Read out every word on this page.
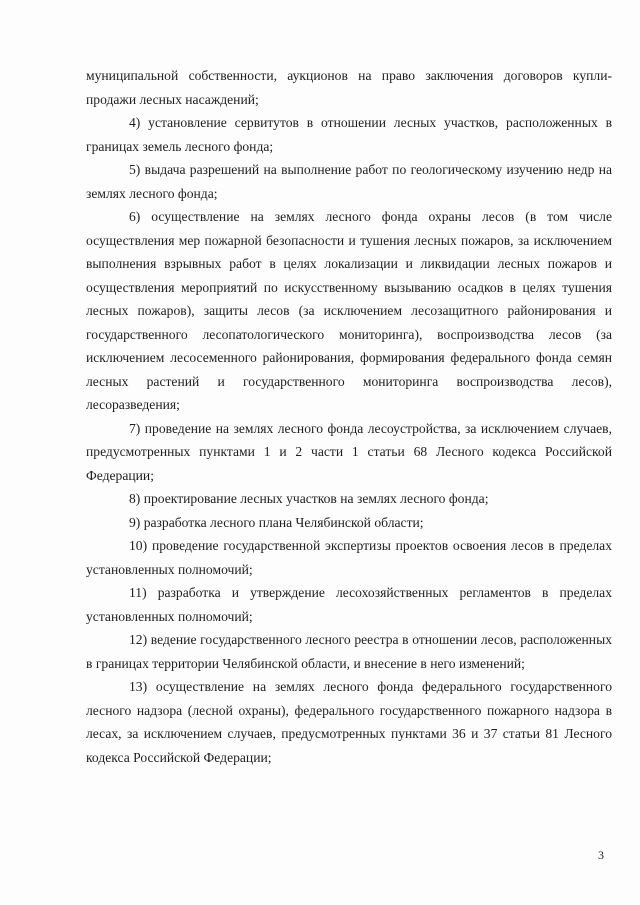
муниципальной собственности, аукционов на право заключения договоров купли-продажи лесных насаждений;

4) установление сервитутов в отношении лесных участков, расположенных в границах земель лесного фонда;

5) выдача разрешений на выполнение работ по геологическому изучению недр на землях лесного фонда;

6) осуществление на землях лесного фонда охраны лесов (в том числе осуществления мер пожарной безопасности и тушения лесных пожаров, за исключением выполнения взрывных работ в целях локализации и ликвидации лесных пожаров и осуществления мероприятий по искусственному вызыванию осадков в целях тушения лесных пожаров), защиты лесов (за исключением лесозащитного районирования и государственного лесопатологического мониторинга), воспроизводства лесов (за исключением лесосеменного районирования, формирования федерального фонда семян лесных растений и государственного мониторинга воспроизводства лесов), лесоразведения;

7) проведение на землях лесного фонда лесоустройства, за исключением случаев, предусмотренных пунктами 1 и 2 части 1 статьи 68 Лесного кодекса Российской Федерации;

8) проектирование лесных участков на землях лесного фонда;

9) разработка лесного плана Челябинской области;

10) проведение государственной экспертизы проектов освоения лесов в пределах установленных полномочий;

11) разработка и утверждение лесохозяйственных регламентов в пределах установленных полномочий;

12) ведение государственного лесного реестра в отношении лесов, расположенных в границах территории Челябинской области, и внесение в него изменений;

13) осуществление на землях лесного фонда федерального государственного лесного надзора (лесной охраны), федерального государственного пожарного надзора в лесах, за исключением случаев, предусмотренных пунктами 36 и 37 статьи 81 Лесного кодекса Российской Федерации;

3
